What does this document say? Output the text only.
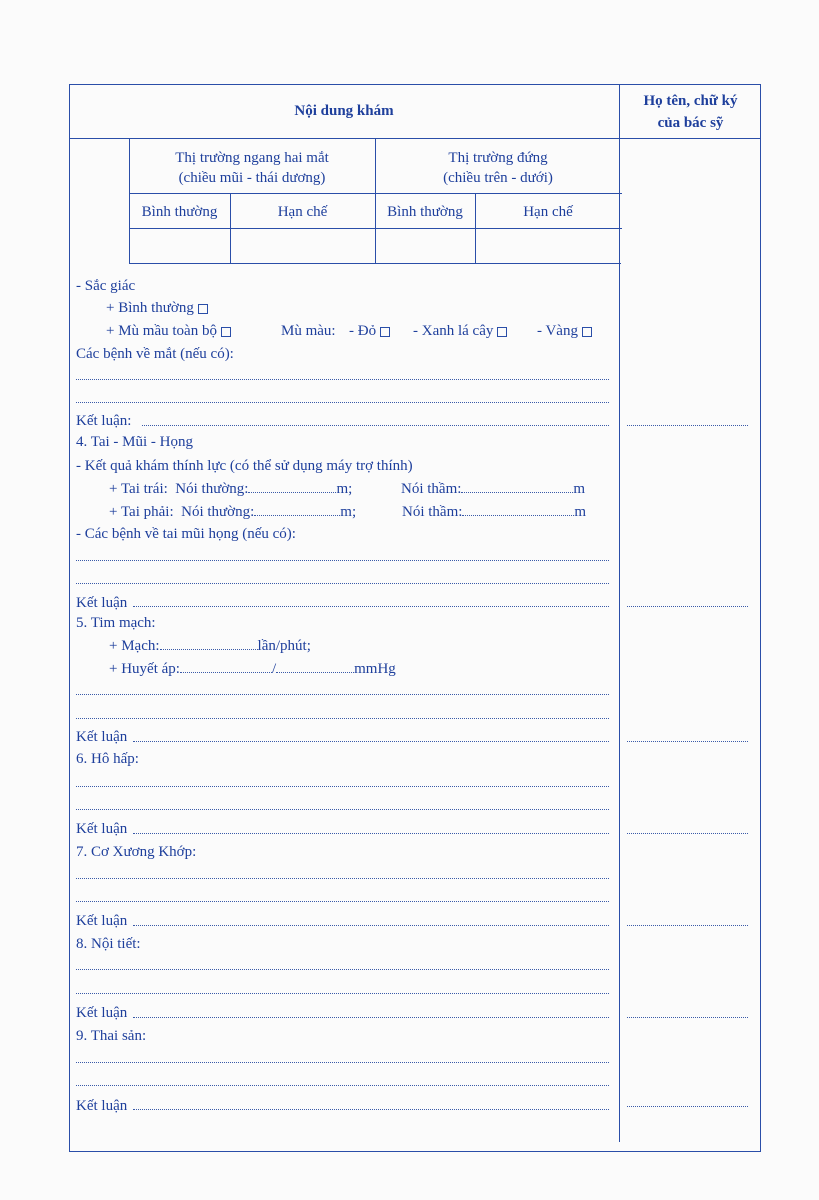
Nội dung khám
Họ tên, chữ ký
của bác sỹ
Thị trường ngang hai mắt
(chiều mũi - thái dương)
Thị trường đứng
(chiều trên - dưới)
Bình thường	Hạn chế	Bình thường	Hạn chế
- Sắc giác
+ Bình thường
+ Mù mầu toàn bộ	Mù màu: - Đỏ	- Xanh lá cây	- Vàng
Các bệnh về mắt (nếu có):
Kết luận:
4. Tai - Mũi - Họng
- Kết quả khám thính lực (có thể sử dụng máy trợ thính)
+ Tai trái: Nói thường:	m;	Nói thầm:	m
+ Tai phải: Nói thường:	m;	Nói thầm:	m
- Các bệnh về tai mũi họng (nếu có):
Kết luận
5. Tim mạch:
+ Mạch:	lần/phút;
+ Huyết áp:	/	mmHg
Kết luận
6. Hô hấp:
Kết luận
7. Cơ Xương Khớp:
Kết luận
8. Nội tiết:
Kết luận
9. Thai sản:
Kết luận
